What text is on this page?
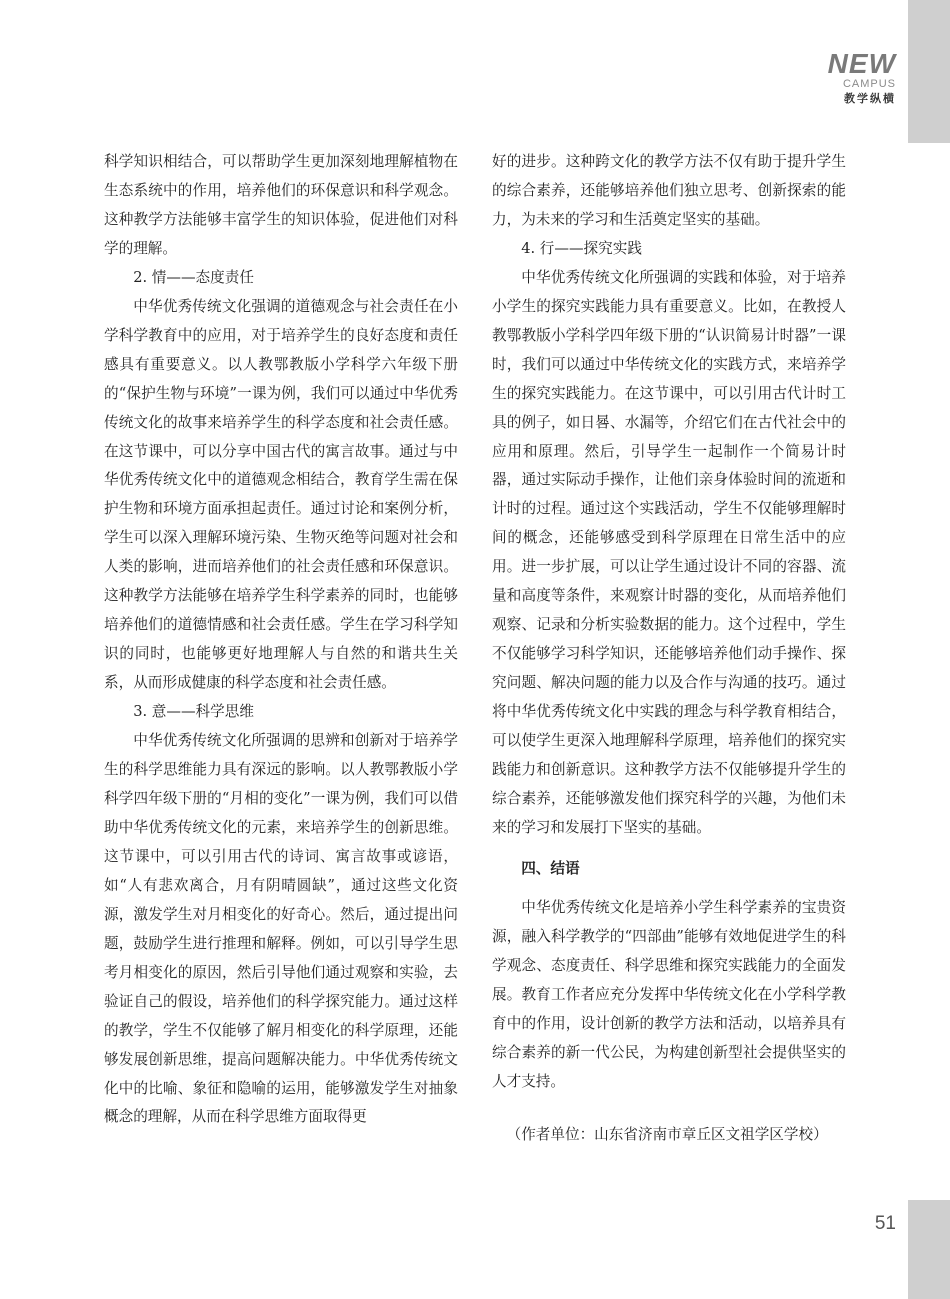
NEW
CAMPUS
教学纵横

科学知识相结合，可以帮助学生更加深刻地理解植物在生态系统中的作用，培养他们的环保意识和科学观念。这种教学方法能够丰富学生的知识体验，促进他们对科学的理解。

2. 情——态度责任

中华优秀传统文化强调的道德观念与社会责任在小学科学教育中的应用，对于培养学生的良好态度和责任感具有重要意义。以人教鄂教版小学科学六年级下册的“保护生物与环境”一课为例，我们可以通过中华优秀传统文化的故事来培养学生的科学态度和社会责任感。在这节课中，可以分享中国古代的寓言故事。通过与中华优秀传统文化中的道德观念相结合，教育学生需在保护生物和环境方面承担起责任。通过讨论和案例分析，学生可以深入理解环境污染、生物灭绝等问题对社会和人类的影响，进而培养他们的社会责任感和环保意识。这种教学方法能够在培养学生科学素养的同时，也能够培养他们的道德情感和社会责任感。学生在学习科学知识的同时，也能够更好地理解人与自然的和谐共生关系，从而形成健康的科学态度和社会责任感。

3. 意——科学思维

中华优秀传统文化所强调的思辨和创新对于培养学生的科学思维能力具有深远的影响。以人教鄂教版小学科学四年级下册的“月相的变化”一课为例，我们可以借助中华优秀传统文化的元素，来培养学生的创新思维。这节课中，可以引用古代的诗词、寓言故事或谚语，如“人有悲欢离合，月有阴晴圆缺”，通过这些文化资源，激发学生对月相变化的好奇心。然后，通过提出问题，鼓励学生进行推理和解释。例如，可以引导学生思考月相变化的原因，然后引导他们通过观察和实验，去验证自己的假设，培养他们的科学探究能力。通过这样的教学，学生不仅能够了解月相变化的科学原理，还能够发展创新思维，提高问题解决能力。中华优秀传统文化中的比喻、象征和隐喻的运用，能够激发学生对抽象概念的理解，从而在科学思维方面取得更

好的进步。这种跨文化的教学方法不仅有助于提升学生的综合素养，还能够培养他们独立思考、创新探索的能力，为未来的学习和生活奠定坚实的基础。

4. 行——探究实践

中华优秀传统文化所强调的实践和体验，对于培养小学生的探究实践能力具有重要意义。比如，在教授人教鄂教版小学科学四年级下册的“认识简易计时器”一课时，我们可以通过中华传统文化的实践方式，来培养学生的探究实践能力。在这节课中，可以引用古代计时工具的例子，如日晷、水漏等，介绍它们在古代社会中的应用和原理。然后，引导学生一起制作一个简易计时器，通过实际动手操作，让他们亲身体验时间的流逝和计时的过程。通过这个实践活动，学生不仅能够理解时间的概念，还能够感受到科学原理在日常生活中的应用。进一步扩展，可以让学生通过设计不同的容器、流量和高度等条件，来观察计时器的变化，从而培养他们观察、记录和分析实验数据的能力。这个过程中，学生不仅能够学习科学知识，还能够培养他们动手操作、探究问题、解决问题的能力以及合作与沟通的技巧。通过将中华优秀传统文化中实践的理念与科学教育相结合，可以使学生更深入地理解科学原理，培养他们的探究实践能力和创新意识。这种教学方法不仅能够提升学生的综合素养，还能够激发他们探究科学的兴趣，为他们未来的学习和发展打下坚实的基础。

四、结语

中华优秀传统文化是培养小学生科学素养的宝贵资源，融入科学教学的“四部曲”能够有效地促进学生的科学观念、态度责任、科学思维和探究实践能力的全面发展。教育工作者应充分发挥中华传统文化在小学科学教育中的作用，设计创新的教学方法和活动，以培养具有综合素养的新一代公民，为构建创新型社会提供坚实的人才支持。

（作者单位：山东省济南市章丘区文祖学区学校）

51
